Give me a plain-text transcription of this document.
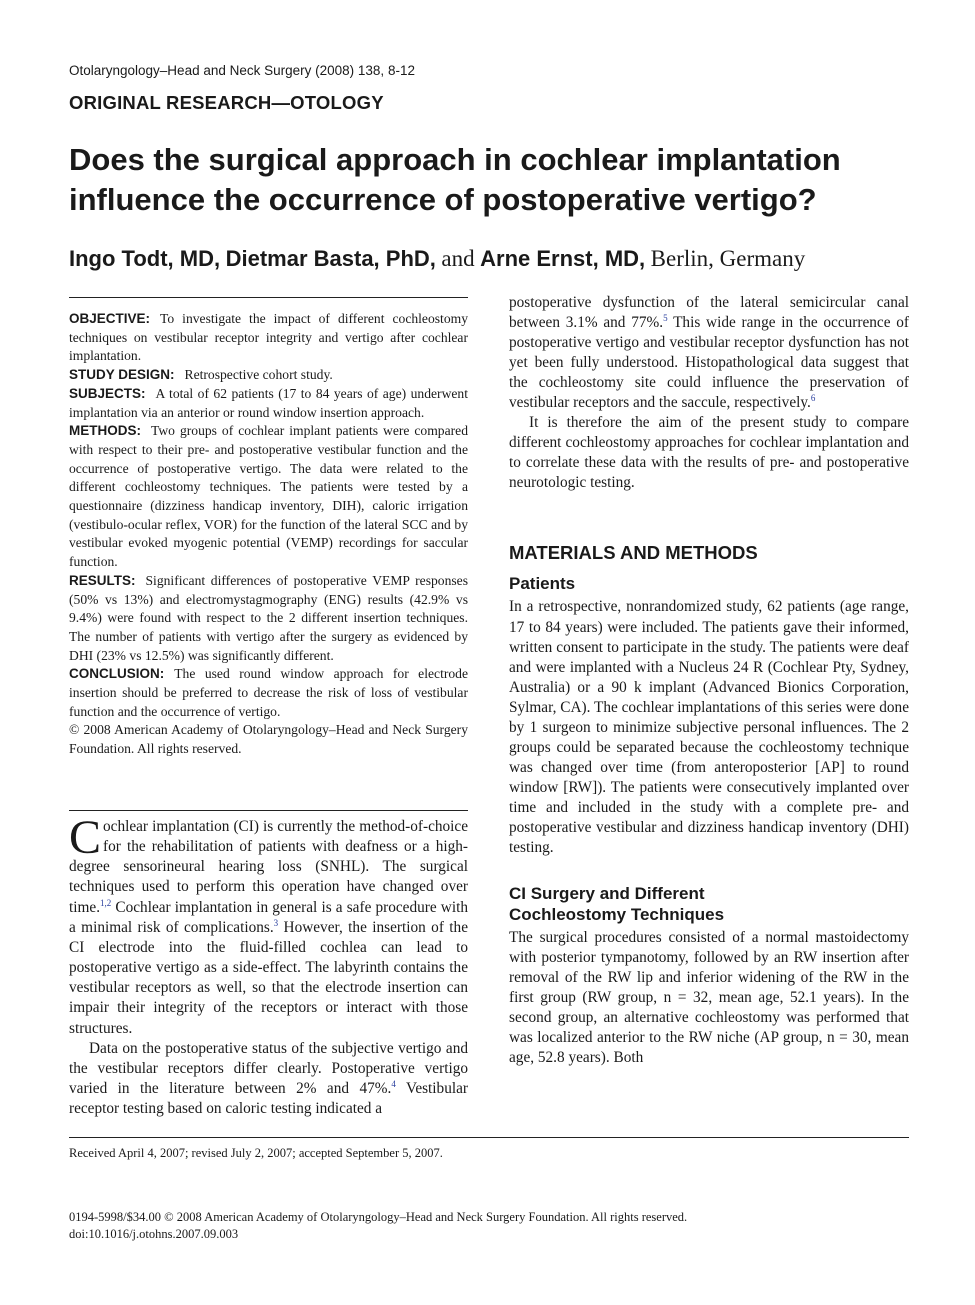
Otolaryngology–Head and Neck Surgery (2008) 138, 8-12
ORIGINAL RESEARCH—OTOLOGY
Does the surgical approach in cochlear implantation influence the occurrence of postoperative vertigo?
Ingo Todt, MD, Dietmar Basta, PhD, and Arne Ernst, MD, Berlin, Germany

OBJECTIVE: To investigate the impact of different cochleostomy techniques on vestibular receptor integrity and vertigo after cochlear implantation.

STUDY DESIGN: Retrospective cohort study.

SUBJECTS: A total of 62 patients (17 to 84 years of age) underwent implantation via an anterior or round window insertion approach.

METHODS: Two groups of cochlear implant patients were compared with respect to their pre- and postoperative vestibular function and the occurrence of postoperative vertigo. The data were related to the different cochleostomy techniques. The patients were tested by a questionnaire (dizziness handicap inventory, DIH), caloric irrigation (vestibulo-ocular reflex, VOR) for the function of the lateral SCC and by vestibular evoked myogenic potential (VEMP) recordings for saccular function.

RESULTS: Significant differences of postoperative VEMP responses (50% vs 13%) and electromystagmography (ENG) results (42.9% vs 9.4%) were found with respect to the 2 different insertion techniques. The number of patients with vertigo after the surgery as evidenced by DHI (23% vs 12.5%) was significantly different.

CONCLUSION: The used round window approach for electrode insertion should be preferred to decrease the risk of loss of vestibular function and the occurrence of vertigo.

© 2008 American Academy of Otolaryngology–Head and Neck Surgery Foundation. All rights reserved.

Cochlear implantation (CI) is currently the method-of-choice for the rehabilitation of patients with deafness or a high-degree sensorineural hearing loss (SNHL). The surgical techniques used to perform this operation have changed over time.$^{1,2}$ Cochlear implantation in general is a safe procedure with a minimal risk of complications.$^3$ However, the insertion of the CI electrode into the fluid-filled cochlea can lead to postoperative vertigo as a side-effect. The labyrinth contains the vestibular receptors as well, so that the electrode insertion can impair their integrity of the receptors or interact with those structures.

Data on the postoperative status of the subjective vertigo and the vestibular receptors differ clearly. Postoperative vertigo varied in the literature between 2% and 47%.$^4$ Vestibular receptor testing based on caloric testing indicated a

postoperative dysfunction of the lateral semicircular canal between 3.1% and 77%.$^5$ This wide range in the occurrence of postoperative vertigo and vestibular receptor dysfunction has not yet been fully understood. Histopathological data suggest that the cochleostomy site could influence the preservation of vestibular receptors and the saccule, respectively.$^6$

It is therefore the aim of the present study to compare different cochleostomy approaches for cochlear implantation and to correlate these data with the results of pre- and postoperative neurotologic testing.

MATERIALS AND METHODS
Patients

In a retrospective, nonrandomized study, 62 patients (age range, 17 to 84 years) were included. The patients gave their informed, written consent to participate in the study. The patients were deaf and were implanted with a Nucleus 24 R (Cochlear Pty, Sydney, Australia) or a 90 k implant (Advanced Bionics Corporation, Sylmar, CA). The cochlear implantations of this series were done by 1 surgeon to minimize subjective personal influences. The 2 groups could be separated because the cochleostomy technique was changed over time (from anteroposterior [AP] to round window [RW]). The patients were consecutively implanted over time and included in the study with a complete pre- and postoperative vestibular and dizziness handicap inventory (DHI) testing.

CI Surgery and Different
Cochleostomy Techniques

The surgical procedures consisted of a normal mastoidectomy with posterior tympanotomy, followed by an RW insertion after removal of the RW lip and inferior widening of the RW in the first group (RW group, n = 32, mean age, 52.1 years). In the second group, an alternative cochleostomy was performed that was localized anterior to the RW niche (AP group, n = 30, mean age, 52.8 years). Both

Received April 4, 2007; revised July 2, 2007; accepted September 5, 2007.
0194-5998/$34.00 © 2008 American Academy of Otolaryngology–Head and Neck Surgery Foundation. All rights reserved.
doi:10.1016/j.otohns.2007.09.003
